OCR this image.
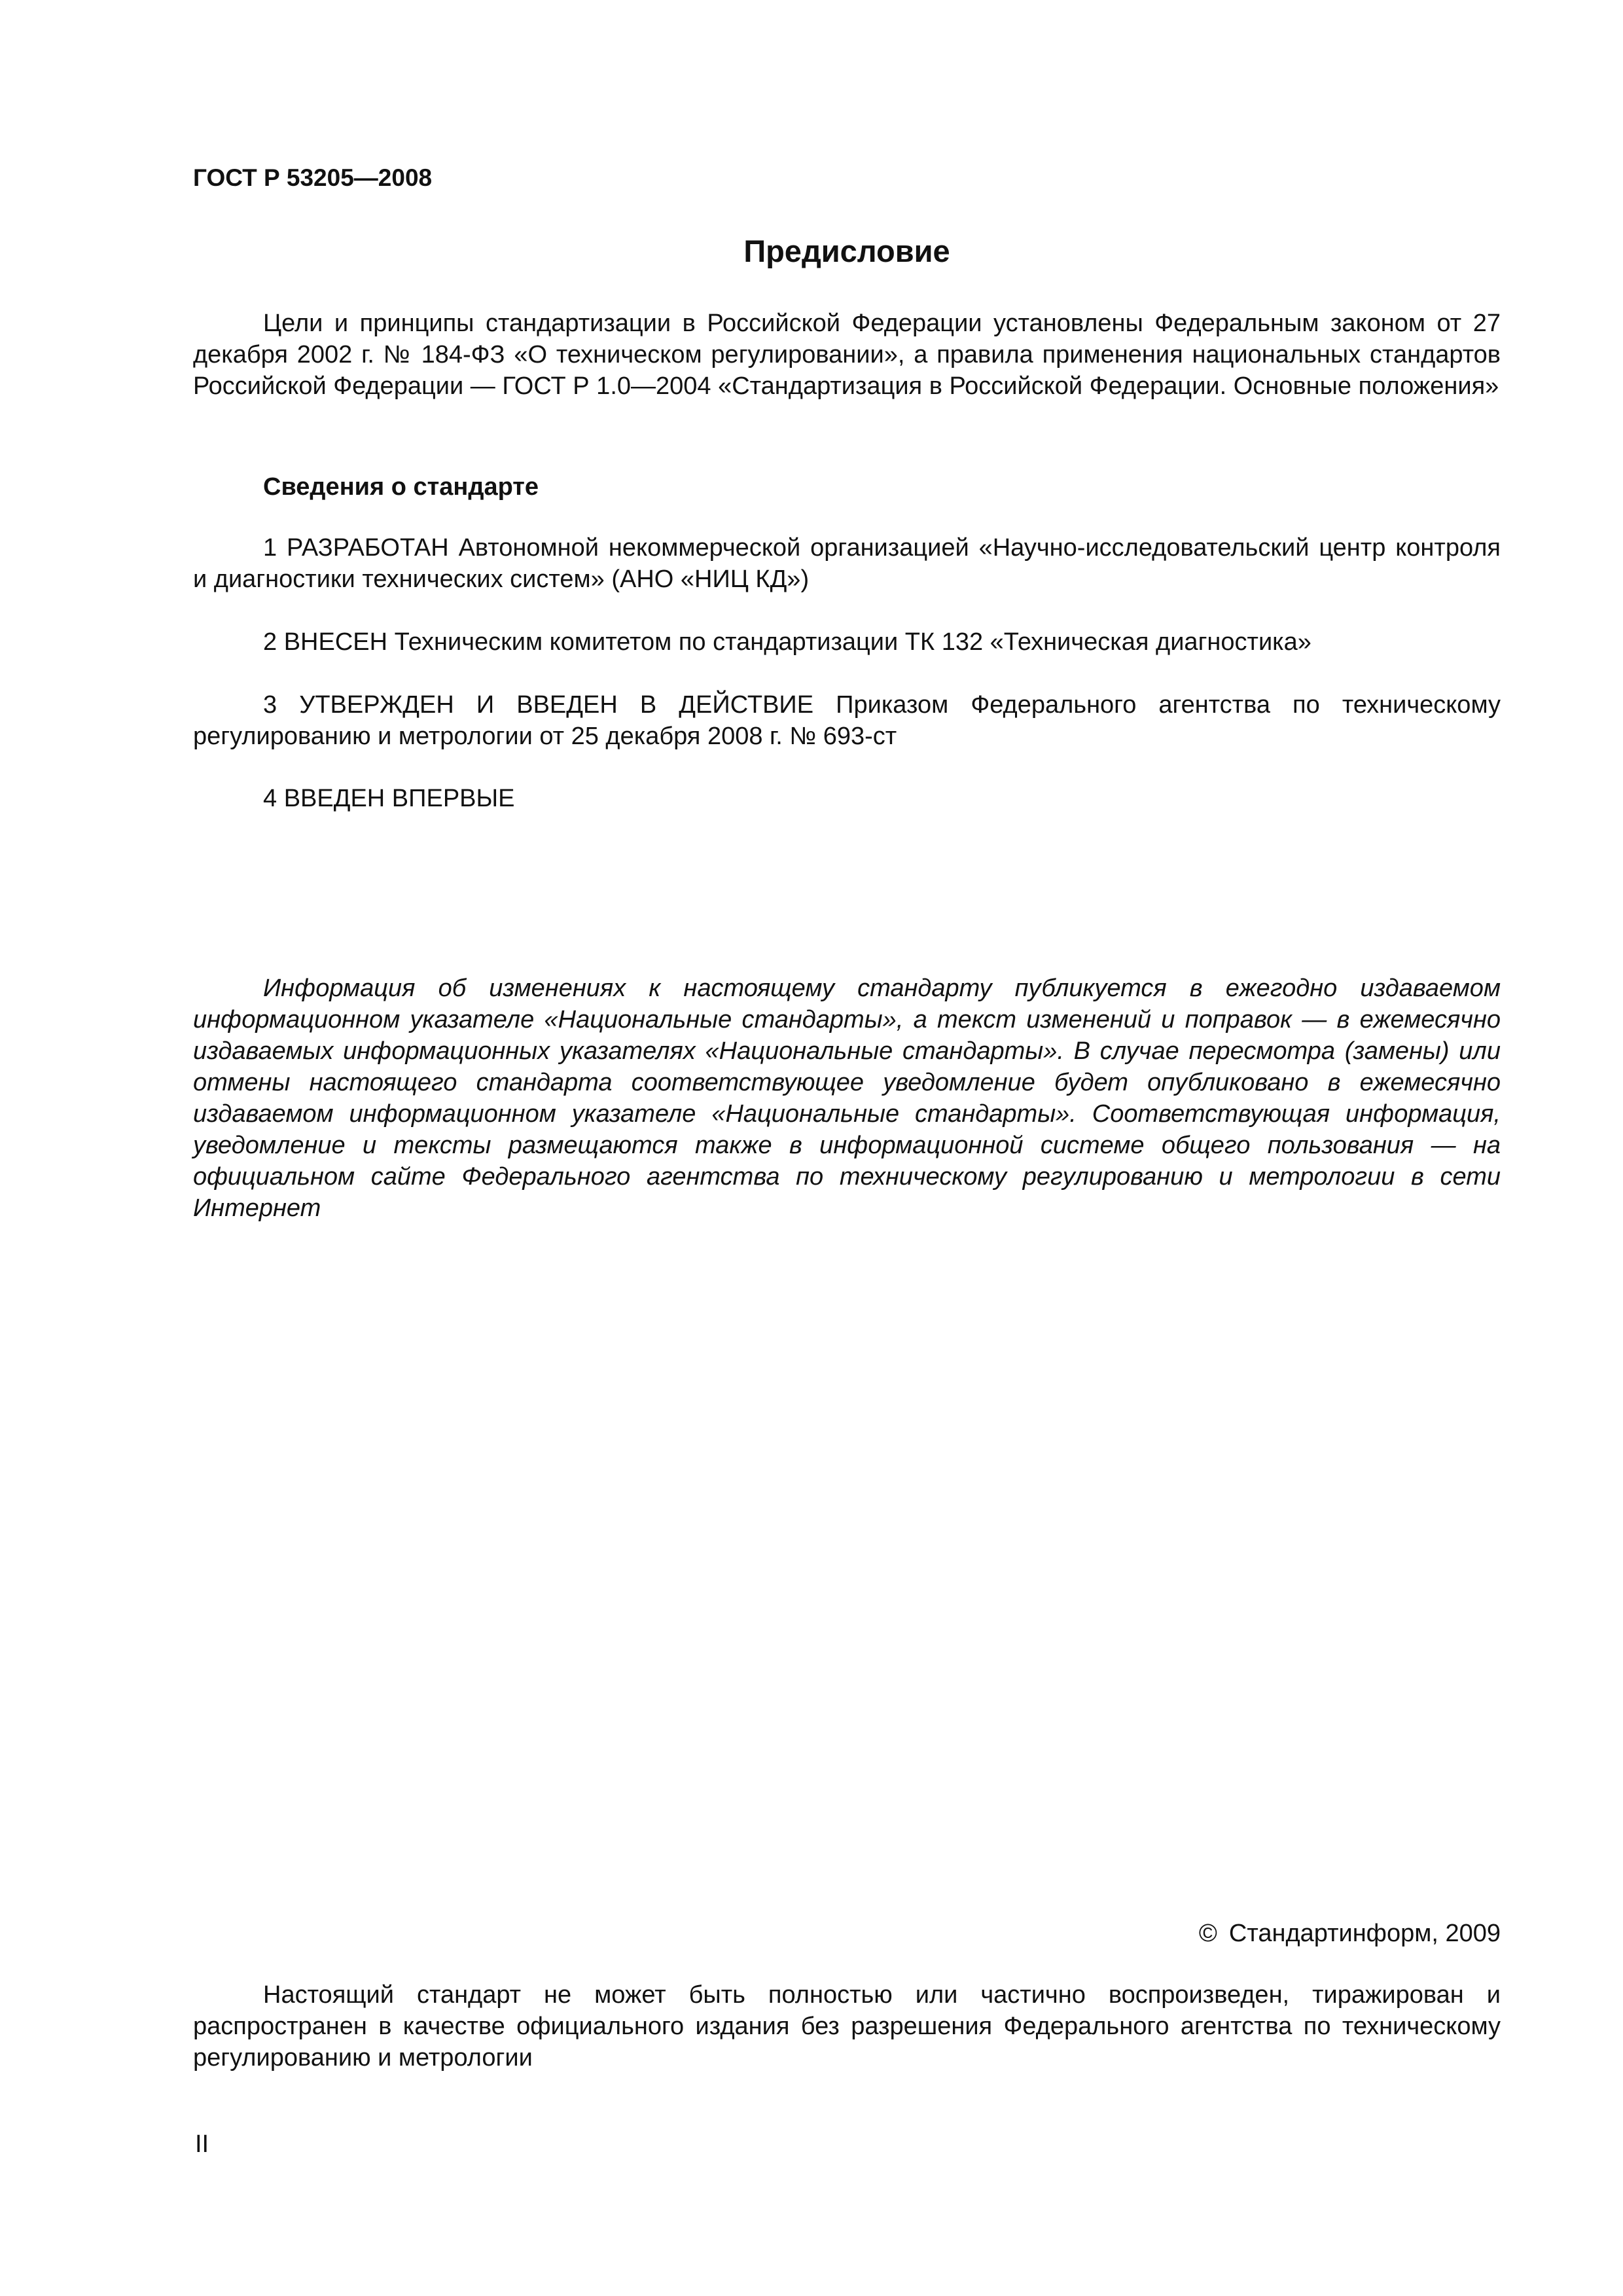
ГОСТ Р 53205—2008
Предисловие

Цели и принципы стандартизации в Российской Федерации установлены Федеральным законом от 27 декабря 2002 г. № 184-ФЗ «О техническом регулировании», а правила применения национальных стандартов Российской Федерации — ГОСТ Р 1.0—2004 «Стандартизация в Российской Федерации. Основные положения»

Сведения о стандарте

1 РАЗРАБОТАН Автономной некоммерческой организацией «Научно-исследовательский центр контроля и диагностики технических систем» (АНО «НИЦ КД»)

2 ВНЕСЕН Техническим комитетом по стандартизации ТК 132 «Техническая диагностика»

3 УТВЕРЖДЕН И ВВЕДЕН В ДЕЙСТВИЕ Приказом Федерального агентства по техническому регулированию и метрологии от 25 декабря 2008 г. № 693-ст

4 ВВЕДЕН ВПЕРВЫЕ

Информация об изменениях к настоящему стандарту публикуется в ежегодно издаваемом информационном указателе «Национальные стандарты», а текст изменений и поправок — в ежемесячно издаваемых информационных указателях «Национальные стандарты». В случае пересмотра (замены) или отмены настоящего стандарта соответствующее уведомление будет опубликовано в ежемесячно издаваемом информационном указателе «Национальные стандарты». Соответствующая информация, уведомление и тексты размещаются также в информационной системе общего пользования — на официальном сайте Федерального агентства по техническому регулированию и метрологии в сети Интернет

© Стандартинформ, 2009

Настоящий стандарт не может быть полностью или частично воспроизведен, тиражирован и распространен в качестве официального издания без разрешения Федерального агентства по техническому регулированию и метрологии

II
